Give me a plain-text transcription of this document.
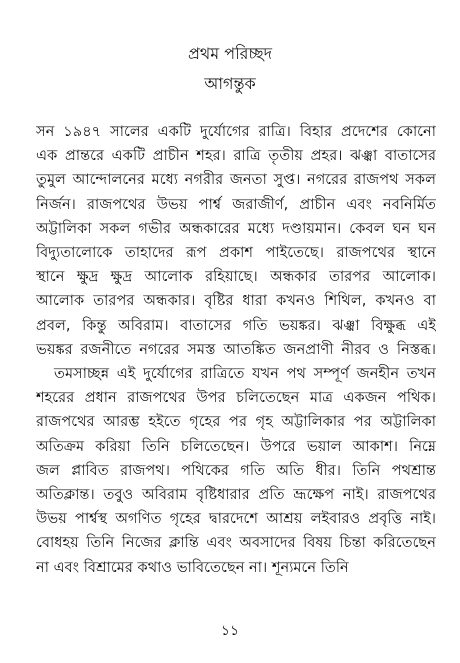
প্রথম পরিচ্ছদ
আগন্তুক
সন ১৯৪৭ সালের একটি দুর্যোগের রাত্রি। বিহার প্রদেশের কোনো
এক প্রান্তরে একটি প্রাচীন শহর। রাত্রি তৃতীয় প্রহর। ঝঞ্ঝা বাতাসের
তুমুল আন্দোলনের মধ্যে নগরীর জনতা সুপ্ত। নগরের রাজপথ সকল
নির্জন। রাজপথের উভয় পার্শ্ব জরাজীর্ণ, প্রাচীন এবং নবনির্মিত
অট্টালিকা সকল গভীর অন্ধকারের মধ্যে দণ্ডায়মান। কেবল ঘন ঘন
বিদ্যুতালোকে তাহাদের রূপ প্রকাশ পাইতেছে। রাজপথের স্থানে
স্থানে ক্ষুদ্র ক্ষুদ্র আলোক রহিয়াছে। অন্ধকার তারপর আলোক।
আলোক তারপর অন্ধকার। বৃষ্টির ধারা কখনও শিথিল, কখনও বা
প্রবল, কিন্তু অবিরাম। বাতাসের গতি ভয়ঙ্কর। ঝঞ্ঝা বিক্ষুব্ধ এই
ভয়ঙ্কর রজনীতে নগরের সমস্ত আতঙ্কিত জনপ্রাণী নীরব ও নিস্তব্ধ।
তমসাচ্ছন্ন এই দুর্যোগের রাত্রিতে যখন পথ সম্পূর্ণ জনহীন তখন
শহরের প্রধান রাজপথের উপর চলিতেছেন মাত্র একজন পথিক।
রাজপথের আরম্ভ হইতে গৃহের পর গৃহ অট্টালিকার পর অট্টালিকা
অতিক্রম করিয়া তিনি চলিতেছেন। উপরে ভয়াল আকাশ। নিম্নে
জল প্লাবিত রাজপথ। পথিকের গতি অতি ধীর। তিনি পথশ্রান্ত
অতিক্লান্ত। তবুও অবিরাম বৃষ্টিধারার প্রতি ভ্রূক্ষেপ নাই। রাজপথের
উভয় পার্শ্বস্থ অগণিত গৃহের দ্বারদেশে আশ্রয় লইবারও প্রবৃত্তি নাই।
বোধহয় তিনি নিজের ক্লান্তি এবং অবসাদের বিষয় চিন্তা করিতেছেন
না এবং বিশ্রামের কথাও ভাবিতেছেন না। শূন্যমনে তিনি
১১
